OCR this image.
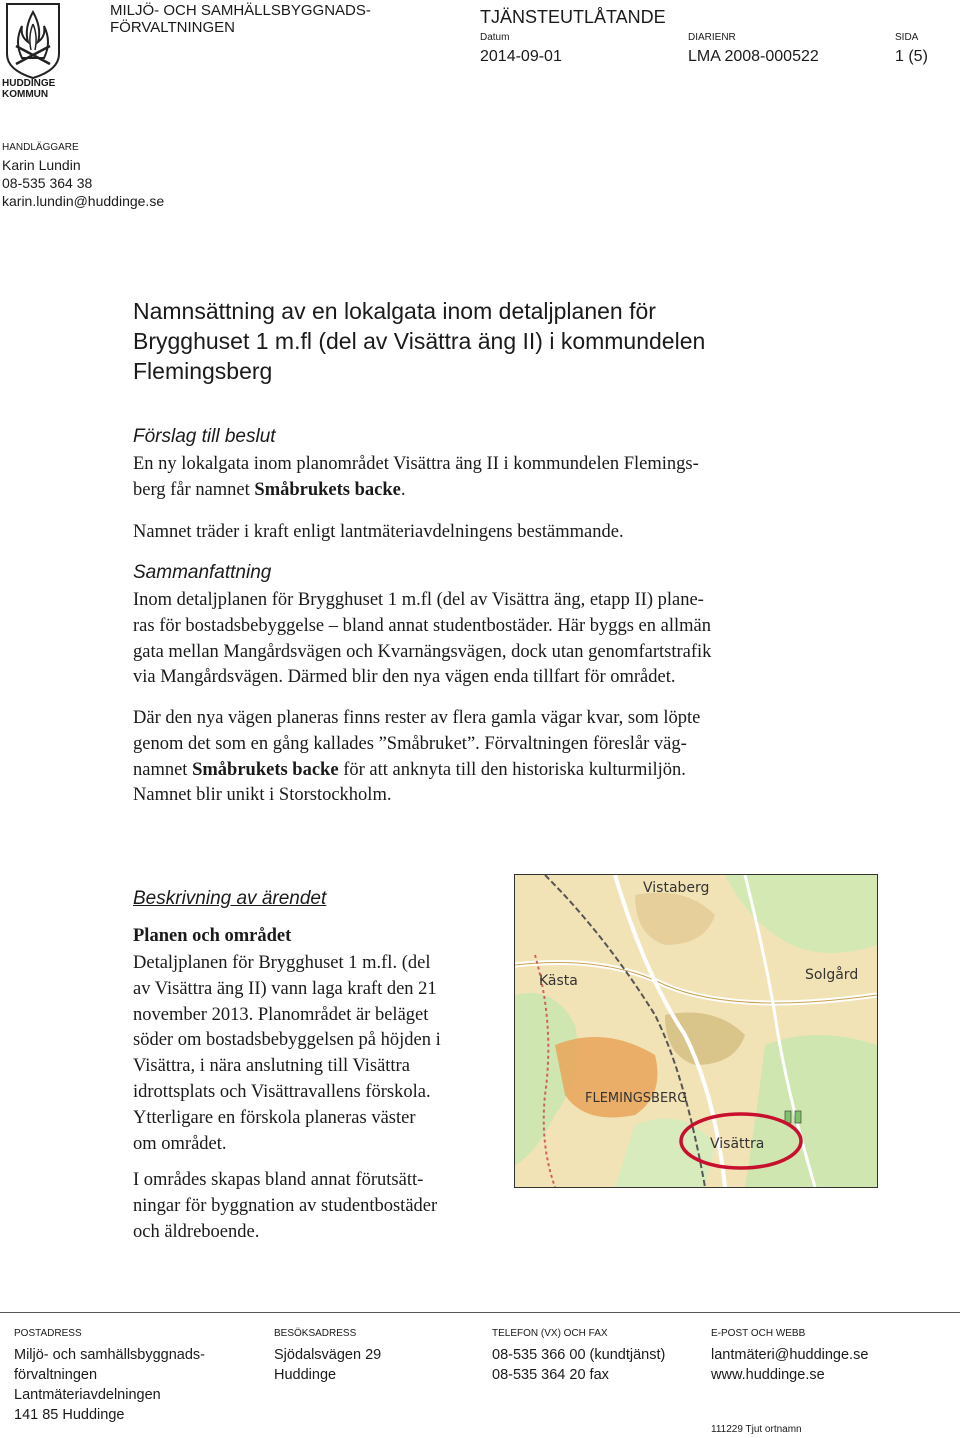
HUDDINGE KOMMUN
MILJÖ- OCH SAMHÄLLSBYGGNADS-
FÖRVALTNINGEN
TJÄNSTEUTLÅTANDE
Datum
2014-09-01
DIARIENR
LMA 2008-000522
SIDA
1 (5)
HANDLÄGGARE
Karin Lundin
08-535 364 38
karin.lundin@huddinge.se
Namnsättning av en lokalgata inom detaljplanen för
Brygghuset 1 m.fl (del av Visättra äng II) i kommundelen
Flemingsberg
Förslag till beslut

En ny lokalgata inom planområdet Visättra äng II i kommundelen Flemings-
berg får namnet Småbrukets backe.

Namnet träder i kraft enligt lantmäteriavdelningens bestämmande.

Sammanfattning

Inom detaljplanen för Brygghuset 1 m.fl (del av Visättra äng, etapp II) plane-
ras för bostadsbebyggelse – bland annat studentbostäder. Här byggs en allmän
gata mellan Mangårdsvägen och Kvarnängsvägen, dock utan genomfartstrafik
via Mangårdsvägen. Därmed blir den nya vägen enda tillfart för området.

Där den nya vägen planeras finns rester av flera gamla vägar kvar, som löpte
genom det som en gång kallades ”Småbruket”. Förvaltningen föreslår väg-
namnet Småbrukets backe för att anknyta till den historiska kulturmiljön.
Namnet blir unikt i Storstockholm.

Beskrivning av ärendet
Planen och området

Detaljplanen för Brygghuset 1 m.fl. (del
av Visättra äng II) vann laga kraft den 21
november 2013. Planområdet är beläget
söder om bostadsbebyggelsen på höjden i
Visättra, i nära anslutning till Visättra
idrottsplats och Visättravallens förskola.
Ytterligare en förskola planeras väster
om området.

I områdes skapas bland annat förutsätt-
ningar för byggnation av studentbostäder
och äldreboende.

Vistaberg
Kästa	Solgård
FLEMINGSBERG
Visättra
POSTADRESS
Miljö- och samhällsbyggnads-
förvaltningen
Lantmäteriavdelningen
141 85 Huddinge
BESÖKSADRESS
Sjödalsvägen 29
Huddinge
TELEFON (VX) OCH FAX
08-535 366 00 (kundtjänst)
08-535 364 20 fax
E-POST OCH WEBB
lantmäteri@huddinge.se
www.huddinge.se
111229 Tjut ortnamn
